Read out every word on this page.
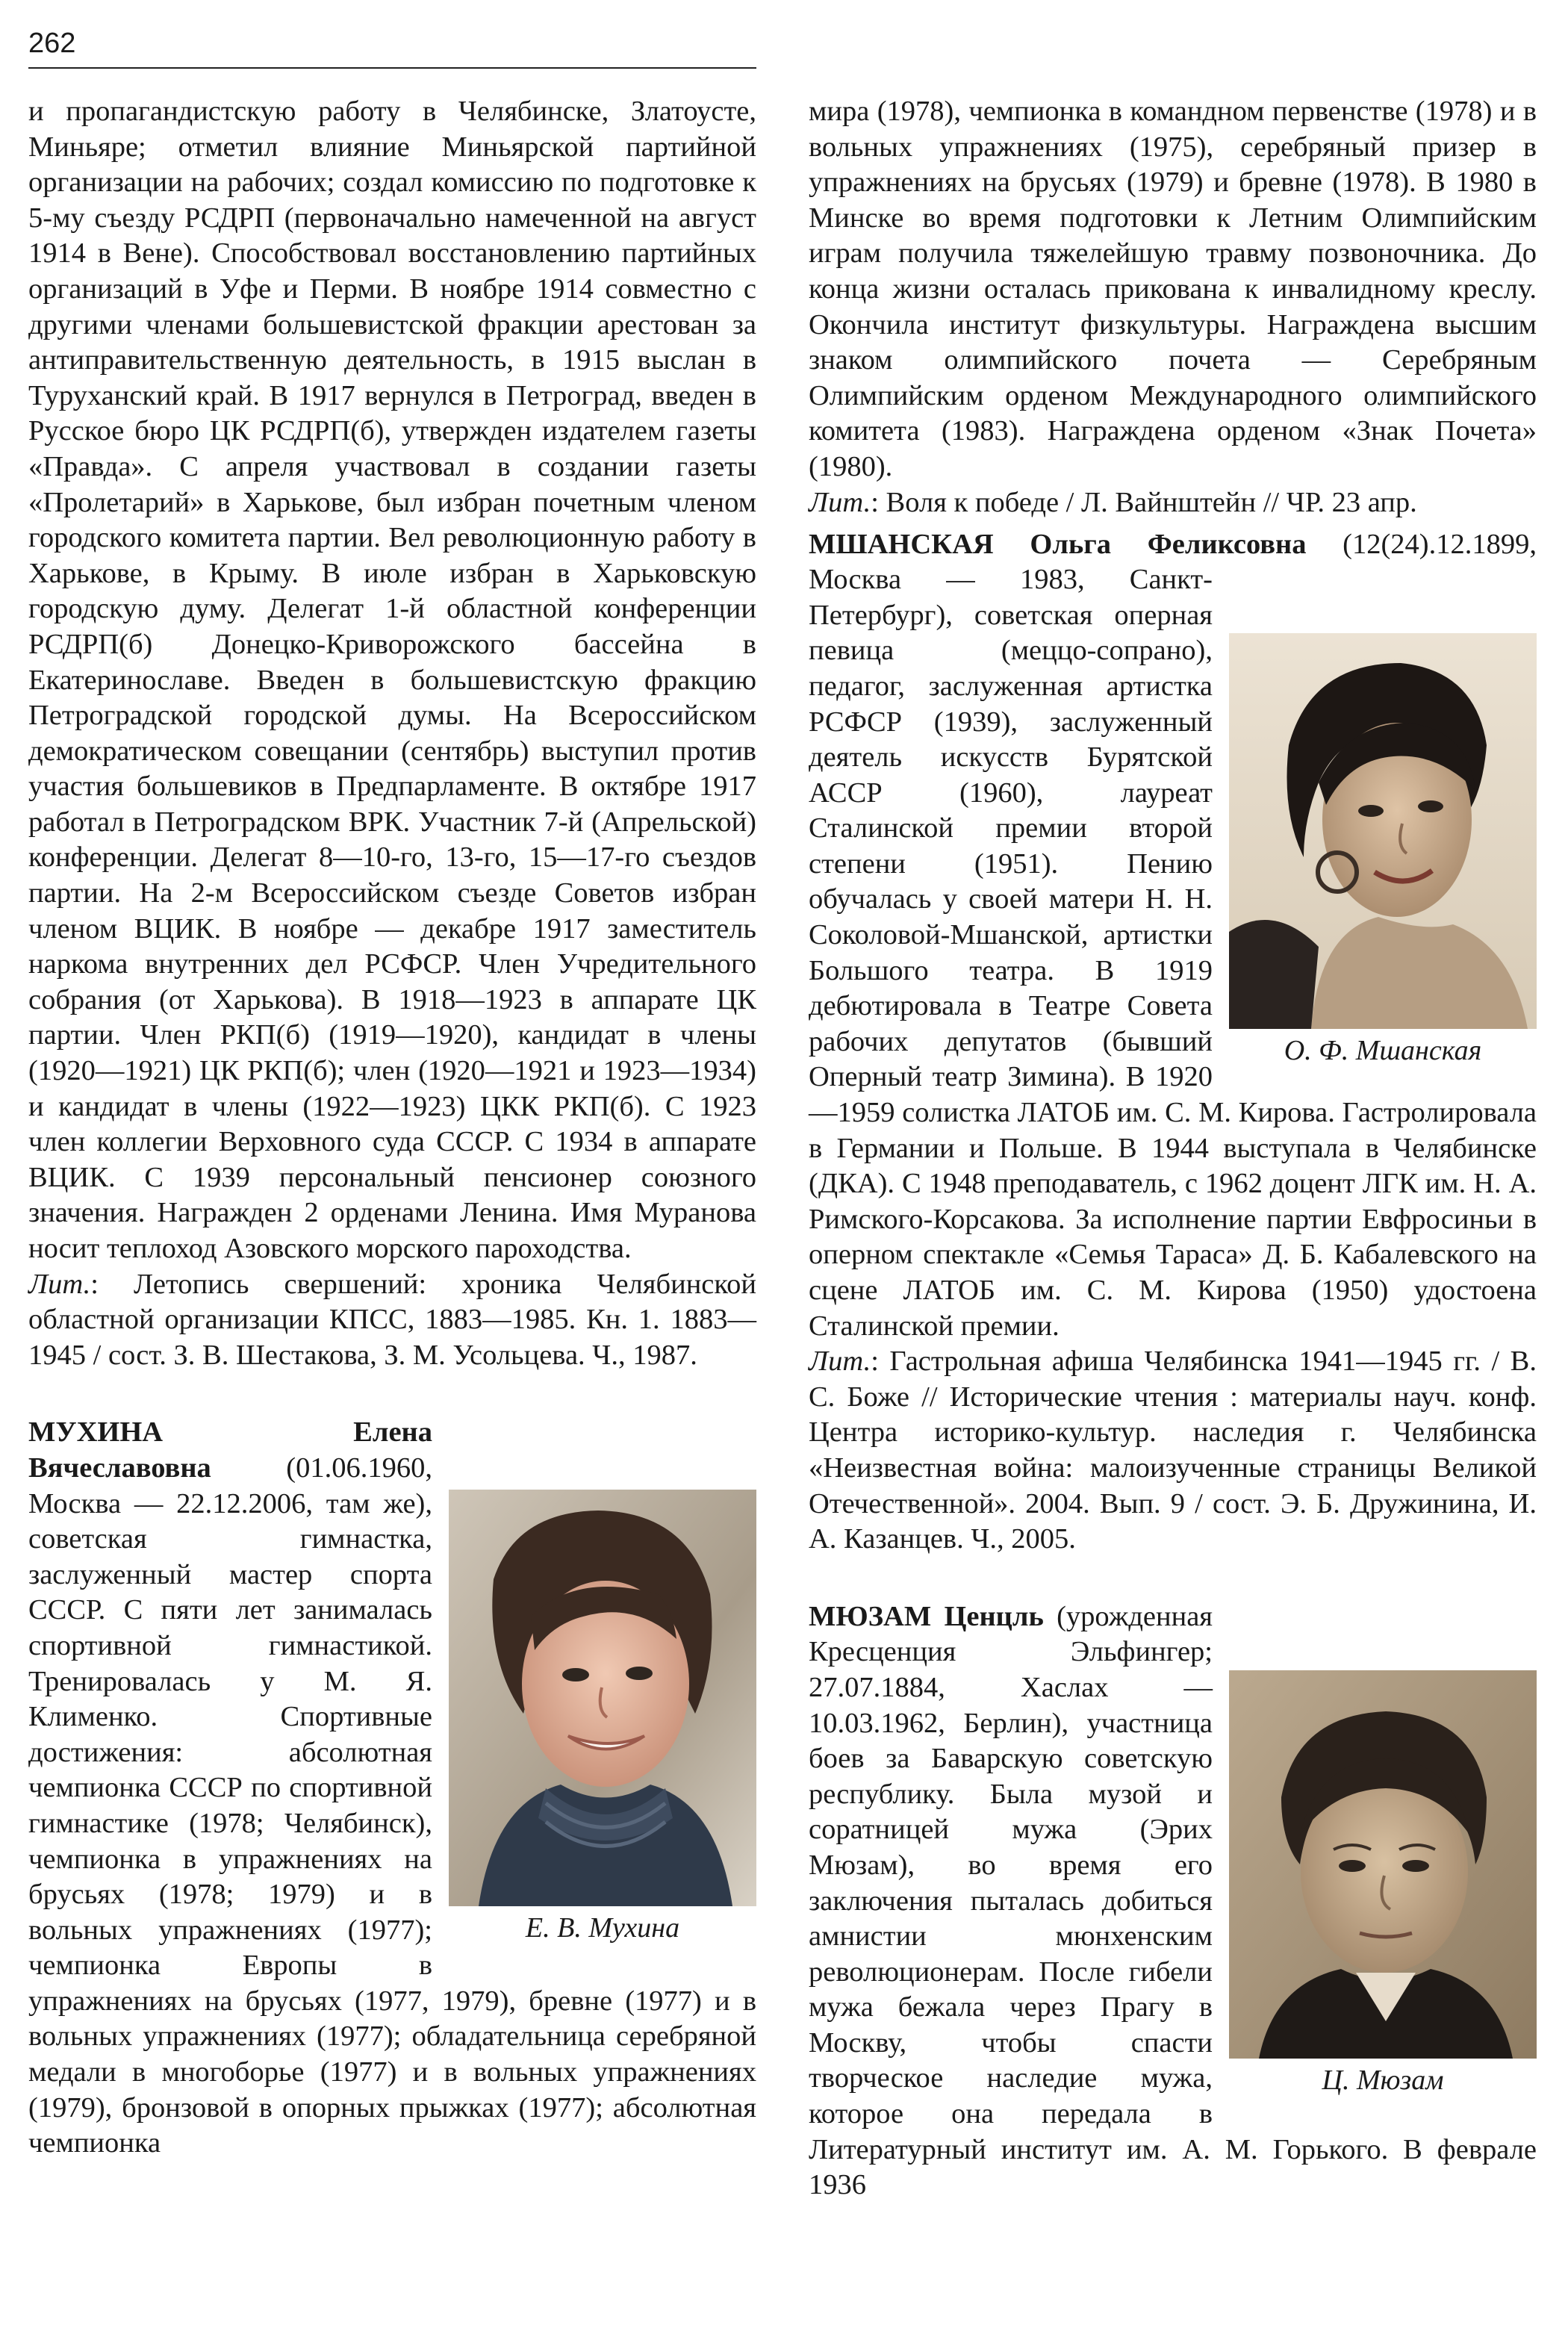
262

и пропагандистскую работу в Челябинске, Златоусте, Миньяре; отметил влияние Миньярской партийной организации на рабочих; создал комиссию по подготовке к 5-му съезду РСДРП (первоначально намеченной на август 1914 в Вене). Способствовал восстановлению партийных организаций в Уфе и Перми. В ноябре 1914 совместно с другими членами большевистской фракции арестован за антиправительственную деятельность, в 1915 выслан в Туруханский край. В 1917 вернулся в Петроград, введен в Русское бюро ЦК РСДРП(б), утвержден издателем газеты «Правда». С апреля участвовал в создании газеты «Пролетарий» в Харькове, был избран почетным членом городского комитета партии. Вел революционную работу в Харькове, в Крыму. В июле избран в Харьковскую городскую думу. Делегат 1-й областной конференции РСДРП(б) Донецко-Криворожского бассейна в Екатеринославе. Введен в большевистскую фракцию Петроградской городской думы. На Всероссийском демократическом совещании (сентябрь) выступил против участия большевиков в Предпарламенте. В октябре 1917 работал в Петроградском ВРК. Участник 7-й (Апрельской) конференции. Делегат 8—10-го, 13-го, 15—17-го съездов партии. На 2-м Всероссийском съезде Советов избран членом ВЦИК. В ноябре — декабре 1917 заместитель наркома внутренних дел РСФСР. Член Учредительного собрания (от Харькова). В 1918—1923 в аппарате ЦК партии. Член РКП(б) (1919—1920), кандидат в члены (1920—1921) ЦК РКП(б); член (1920—1921 и 1923—1934) и кандидат в члены (1922—1923) ЦКК РКП(б). С 1923 член коллегии Верховного суда СССР. С 1934 в аппарате ВЦИК. С 1939 персональный пенсионер союзного значения. Награжден 2 орденами Ленина. Имя Муранова носит теплоход Азовского морского пароходства.

Лит.: Летопись свершений: хроника Челябинской областной организации КПСС, 1883—1985. Кн. 1. 1883—1945 / сост. З. В. Шестакова, З. М. Усольцева. Ч., 1987.

Е. В. Мухина

МУХИНА Елена Вячеславовна (01.06.1960, Москва — 22.12.2006, там же), советская гимнастка, заслуженный мастер спорта СССР. С пяти лет занималась спортивной гимнастикой. Тренировалась у М. Я. Клименко. Спортивные достижения: абсолютная чемпионка СССР по спортивной гимнастике (1978; Челябинск), чемпионка в упражнениях на брусьях (1978; 1979) и в вольных упражнениях (1977); чемпионка Европы в упражнениях на брусьях (1977, 1979), бревне (1977) и в вольных упражнениях (1977); обладательница серебряной медали в многоборье (1977) и в вольных упражнениях (1979), бронзовой в опорных прыжках (1977); абсолютная чемпионка

мира (1978), чемпионка в командном первенстве (1978) и в вольных упражнениях (1975), серебряный призер в упражнениях на брусьях (1979) и бревне (1978). В 1980 в Минске во время подготовки к Летним Олимпийским играм получила тяжелейшую травму позвоночника. До конца жизни осталась прикована к инвалидному креслу. Окончила институт физкультуры. Награждена высшим знаком олимпийского почета — Серебряным Олимпийским орденом Международного олимпийского комитета (1983). Награждена орденом «Знак Почета» (1980).

Лит.: Воля к победе / Л. Вайнштейн // ЧР. 23 апр.

О. Ф. Мшанская

МШАНСКАЯ Ольга Феликсовна (12(24).12.1899, Москва — 1983, Санкт-Петербург), советская оперная певица (меццо-сопрано), педагог, заслуженная артистка РСФСР (1939), заслуженный деятель искусств Бурятской АССР (1960), лауреат Сталинской премии второй степени (1951). Пению обучалась у своей матери Н. Н. Соколовой-Мшанской, артистки Большого театра. В 1919 дебютировала в Театре Совета рабочих депутатов (бывший Оперный театр Зимина). В 1920—1959 солистка ЛАТОБ им. С. М. Кирова. Гастролировала в Германии и Польше. В 1944 выступала в Челябинске (ДКА). С 1948 преподаватель, с 1962 доцент ЛГК им. Н. А. Римского-Корсакова. За исполнение партии Евфросиньи в оперном спектакле «Семья Тараса» Д. Б. Кабалевского на сцене ЛАТОБ им. С. М. Кирова (1950) удостоена Сталинской премии.

Лит.: Гастрольная афиша Челябинска 1941—1945 гг. / В. С. Боже // Исторические чтения : материалы науч. конф. Центра историко-культур. наследия г. Челябинска «Неизвестная война: малоизученные страницы Великой Отечественной». 2004. Вып. 9 / сост. Э. Б. Дружинина, И. А. Казанцев. Ч., 2005.

Ц. Мюзам

МЮЗАМ Ценцль (урожденная Кресценция Эльфингер; 27.07.1884, Хаслах — 10.03.1962, Берлин), участница боев за Баварскую советскую республику. Была музой и соратницей мужа (Эрих Мюзам), во время его заключения пыталась добиться амнистии мюнхенским революционерам. После гибели мужа бежала через Прагу в Москву, чтобы спасти творческое наследие мужа, которое она передала в Литературный институт им. А. М. Горького. В феврале 1936
